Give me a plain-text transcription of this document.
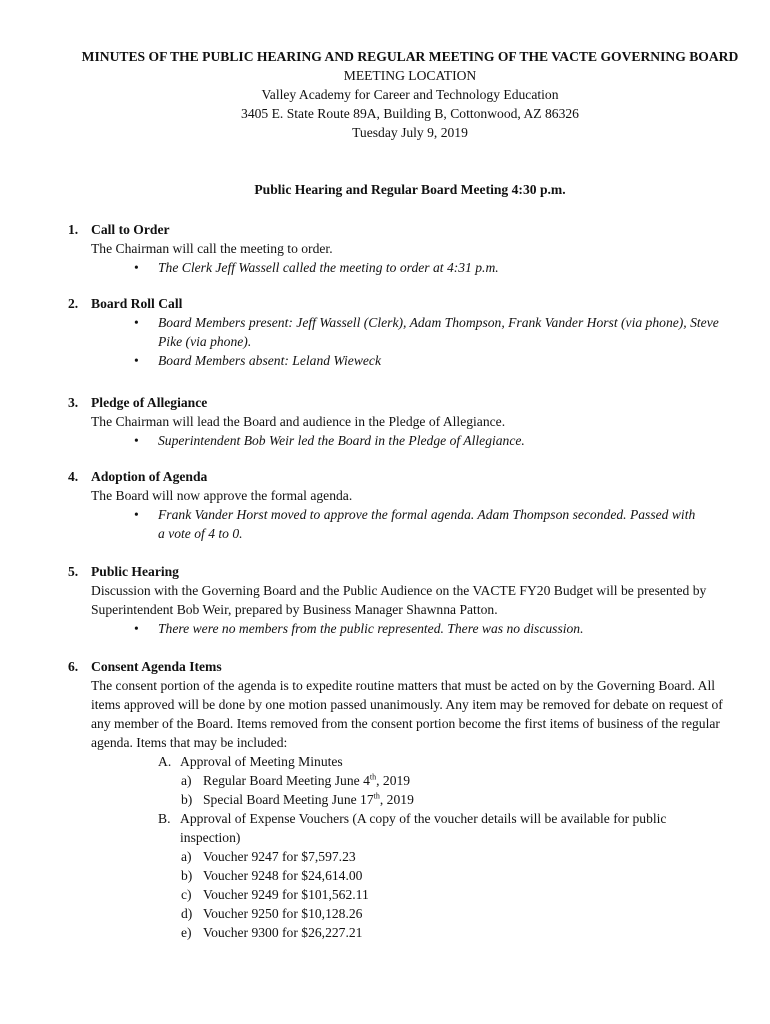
MINUTES OF THE PUBLIC HEARING AND REGULAR MEETING OF THE VACTE GOVERNING BOARD
MEETING LOCATION
Valley Academy for Career and Technology Education
3405 E. State Route 89A, Building B, Cottonwood, AZ 86326
Tuesday July 9, 2019
Public Hearing and Regular Board Meeting 4:30 p.m.
1. Call to Order
The Chairman will call the meeting to order.
• The Clerk Jeff Wassell called the meeting to order at 4:31 p.m.
2. Board Roll Call
• Board Members present: Jeff Wassell (Clerk), Adam Thompson, Frank Vander Horst (via phone), Steve Pike (via phone).
• Board Members absent: Leland Wieweck
3. Pledge of Allegiance
The Chairman will lead the Board and audience in the Pledge of Allegiance.
• Superintendent Bob Weir led the Board in the Pledge of Allegiance.
4. Adoption of Agenda
The Board will now approve the formal agenda.
• Frank Vander Horst moved to approve the formal agenda. Adam Thompson seconded. Passed with a vote of 4 to 0.
5. Public Hearing
Discussion with the Governing Board and the Public Audience on the VACTE FY20 Budget will be presented by Superintendent Bob Weir, prepared by Business Manager Shawnna Patton.
• There were no members from the public represented. There was no discussion.
6. Consent Agenda Items
The consent portion of the agenda is to expedite routine matters that must be acted on by the Governing Board. All items approved will be done by one motion passed unanimously. Any item may be removed for debate on request of any member of the Board. Items removed from the consent portion become the first items of business of the regular agenda. Items that may be included:
A. Approval of Meeting Minutes
a) Regular Board Meeting June 4th, 2019
b) Special Board Meeting June 17th, 2019
B. Approval of Expense Vouchers (A copy of the voucher details will be available for public inspection)
a) Voucher 9247 for $7,597.23
b) Voucher 9248 for $24,614.00
c) Voucher 9249 for $101,562.11
d) Voucher 9250 for $10,128.26
e) Voucher 9300 for $26,227.21
